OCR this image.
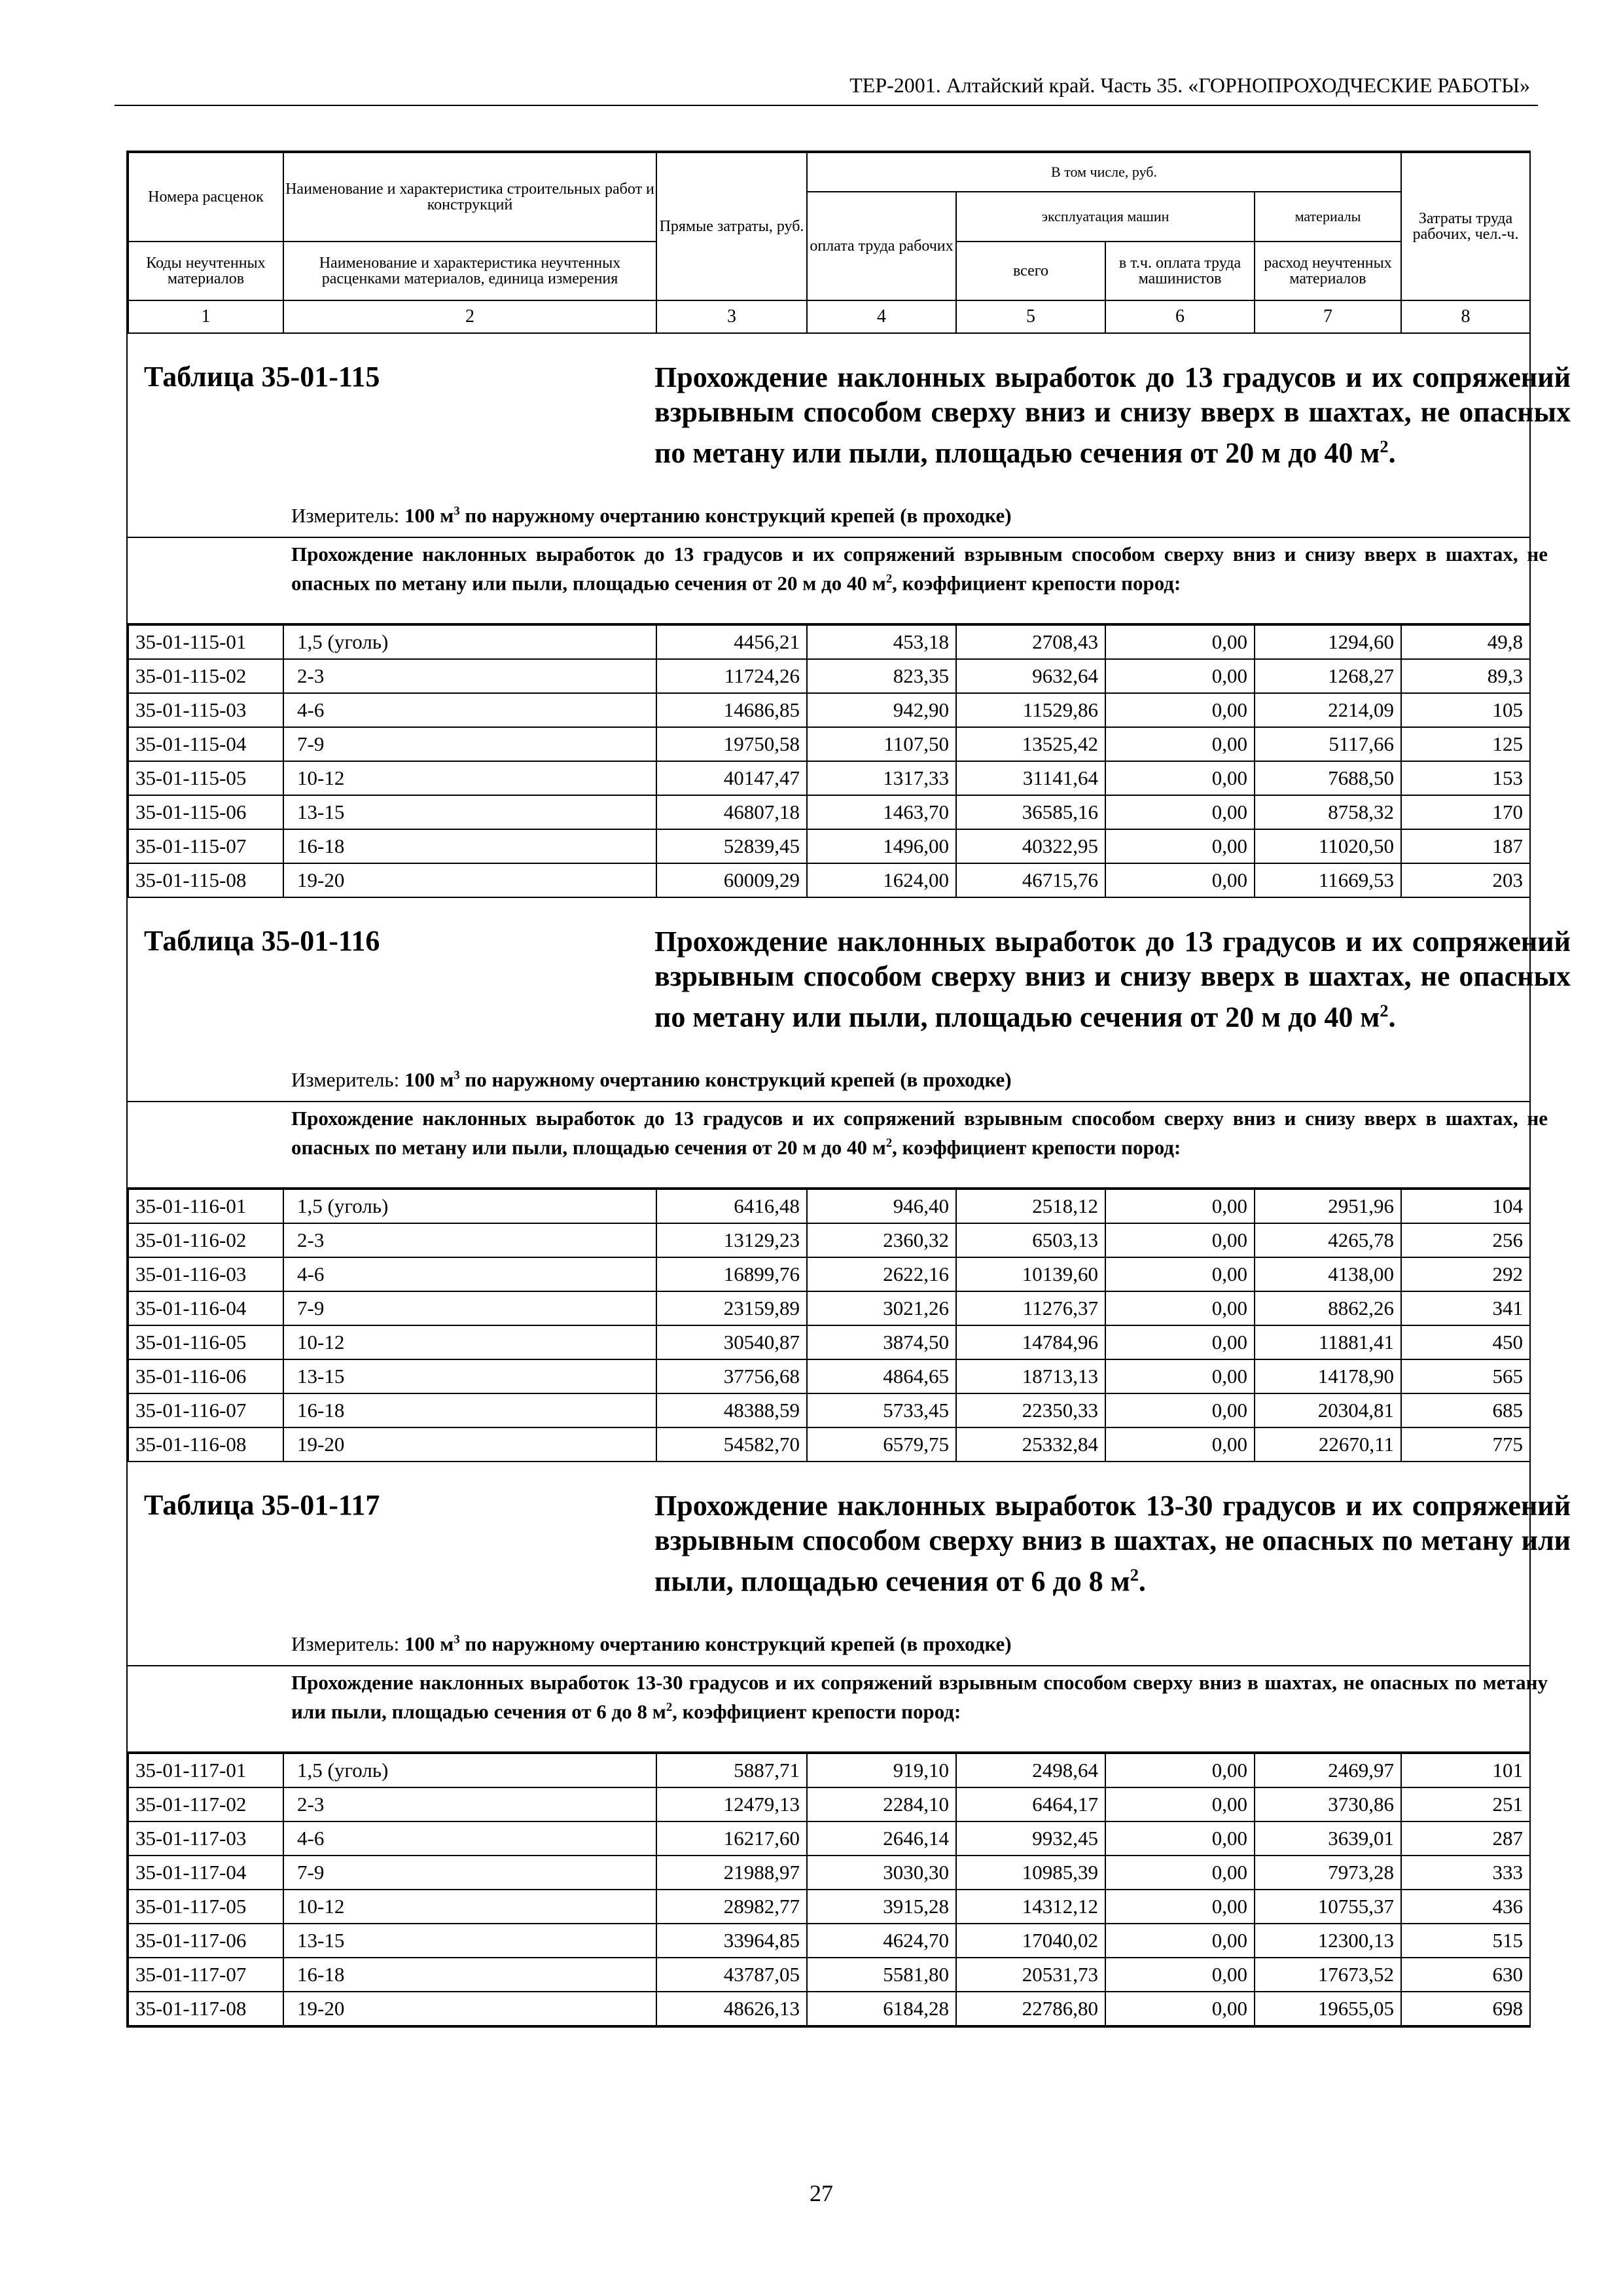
ТЕР-2001. Алтайский край. Часть 35. «ГОРНОПРОХОДЧЕСКИЕ РАБОТЫ»
Номера расценок	Наименование и характеристика строительных работ и конструкций	Прямые затраты, руб.	В том числе, руб.				Затраты труда рабочих, чел.-ч.
			оплата труда рабочих	эксплуатация машин		материалы	
Коды неучтенных материалов	Наименование и характеристика неучтенных расценками материалов, единица измерения			всего	в т.ч. оплата труда машинистов	расход неучтенных материалов	
1	2	3	4	5	6	7	8
Таблица 35-01-115	Прохождение наклонных выработок до 13 градусов и их сопряжений взрывным способом сверху вниз и снизу вверх в шахтах, не опасных по метану или пыли, площадью сечения от 20 м до 40 $м^2$.
Измеритель: 100 $м^3$ по наружному очертанию конструкций крепей (в проходке)
Прохождение наклонных выработок до 13 градусов и их сопряжений взрывным способом сверху вниз и снизу вверх в шахтах, не опасных по метану или пыли, площадью сечения от 20 м до 40 $м^2$, коэффициент крепости пород:
35-01-115-01	1,5 (уголь)	4456,21	453,18	2708,43	0,00	1294,60	49,8
35-01-115-02	2-3	11724,26	823,35	9632,64	0,00	1268,27	89,3
35-01-115-03	4-6	14686,85	942,90	11529,86	0,00	2214,09	105
35-01-115-04	7-9	19750,58	1107,50	13525,42	0,00	5117,66	125
35-01-115-05	10-12	40147,47	1317,33	31141,64	0,00	7688,50	153
35-01-115-06	13-15	46807,18	1463,70	36585,16	0,00	8758,32	170
35-01-115-07	16-18	52839,45	1496,00	40322,95	0,00	11020,50	187
35-01-115-08	19-20	60009,29	1624,00	46715,76	0,00	11669,53	203
Таблица 35-01-116	Прохождение наклонных выработок до 13 градусов и их сопряжений взрывным способом сверху вниз и снизу вверх в шахтах, не опасных по метану или пыли, площадью сечения от 20 м до 40 $м^2$.
Измеритель: 100 $м^3$ по наружному очертанию конструкций крепей (в проходке)
Прохождение наклонных выработок до 13 градусов и их сопряжений взрывным способом сверху вниз и снизу вверх в шахтах, не опасных по метану или пыли, площадью сечения от 20 м до 40 $м^2$, коэффициент крепости пород:
35-01-116-01	1,5 (уголь)	6416,48	946,40	2518,12	0,00	2951,96	104
35-01-116-02	2-3	13129,23	2360,32	6503,13	0,00	4265,78	256
35-01-116-03	4-6	16899,76	2622,16	10139,60	0,00	4138,00	292
35-01-116-04	7-9	23159,89	3021,26	11276,37	0,00	8862,26	341
35-01-116-05	10-12	30540,87	3874,50	14784,96	0,00	11881,41	450
35-01-116-06	13-15	37756,68	4864,65	18713,13	0,00	14178,90	565
35-01-116-07	16-18	48388,59	5733,45	22350,33	0,00	20304,81	685
35-01-116-08	19-20	54582,70	6579,75	25332,84	0,00	22670,11	775
Таблица 35-01-117	Прохождение наклонных выработок 13-30 градусов и их сопряжений взрывным способом сверху вниз в шахтах, не опасных по метану или пыли, площадью сечения от 6 до 8 $м^2$.
Измеритель: 100 $м^3$ по наружному очертанию конструкций крепей (в проходке)
Прохождение наклонных выработок 13-30 градусов и их сопряжений взрывным способом сверху вниз в шахтах, не опасных по метану или пыли, площадью сечения от 6 до 8 $м^2$, коэффициент крепости пород:
35-01-117-01	1,5 (уголь)	5887,71	919,10	2498,64	0,00	2469,97	101
35-01-117-02	2-3	12479,13	2284,10	6464,17	0,00	3730,86	251
35-01-117-03	4-6	16217,60	2646,14	9932,45	0,00	3639,01	287
35-01-117-04	7-9	21988,97	3030,30	10985,39	0,00	7973,28	333
35-01-117-05	10-12	28982,77	3915,28	14312,12	0,00	10755,37	436
35-01-117-06	13-15	33964,85	4624,70	17040,02	0,00	12300,13	515
35-01-117-07	16-18	43787,05	5581,80	20531,73	0,00	17673,52	630
35-01-117-08	19-20	48626,13	6184,28	22786,80	0,00	19655,05	698
27
